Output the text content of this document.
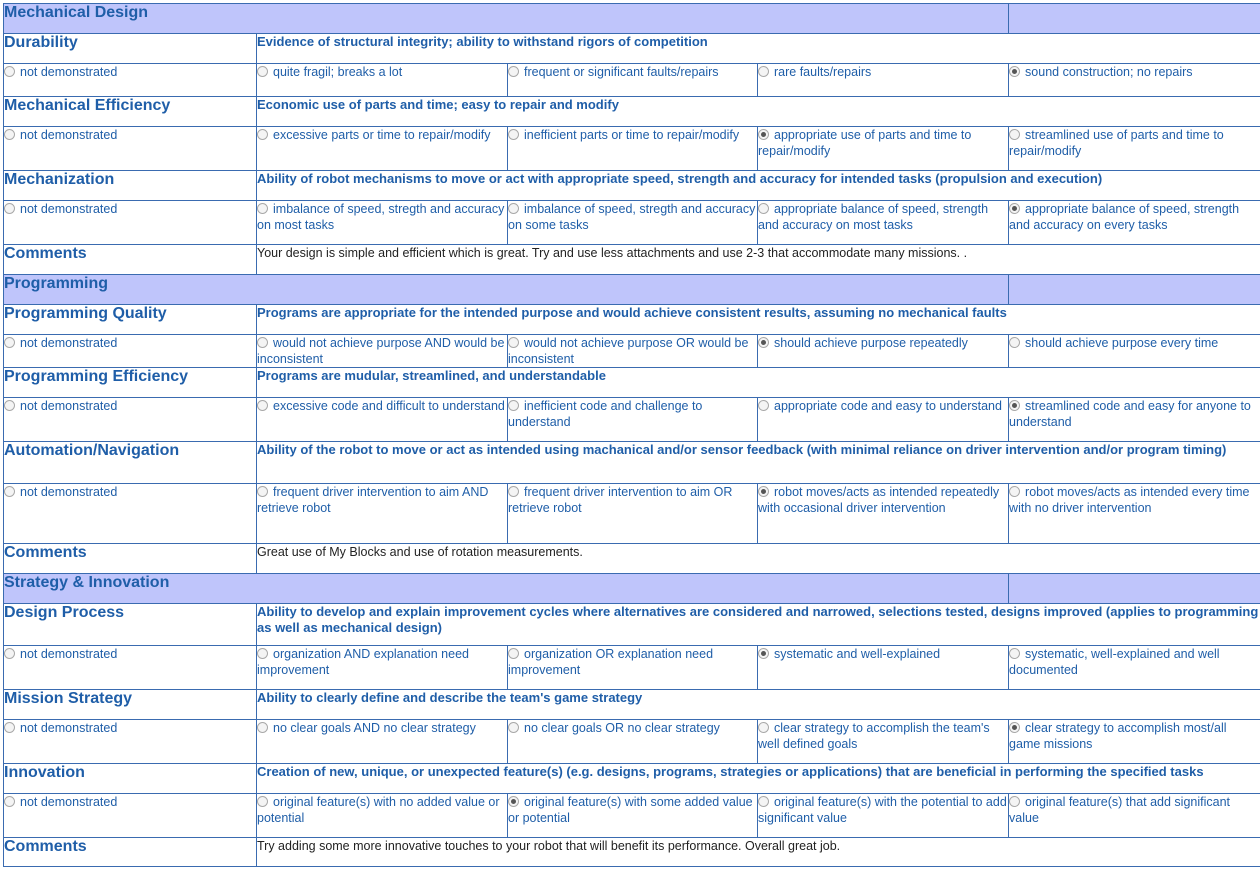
Mechanical Design				
Durability	Evidence of structural integrity; ability to withstand rigors of competition			
not demonstrated	quite fragil; breaks a lot	frequent or significant faults/repairs	rare faults/repairs	sound construction; no repairs
Mechanical Efficiency	Economic use of parts and time; easy to repair and modify			
not demonstrated	excessive parts or time to repair/modify	inefficient parts or time to repair/modify	appropriate use of parts and time to repair/modify	streamlined use of parts and time to repair/modify
Mechanization	Ability of robot mechanisms to move or act with appropriate speed, strength and accuracy for intended tasks (propulsion and execution)			
not demonstrated	imbalance of speed, stregth and accuracy on most tasks	imbalance of speed, stregth and accuracy on some tasks	appropriate balance of speed, strength and accuracy on most tasks	appropriate balance of speed, strength and accuracy on every tasks
Comments	Your design is simple and efficient which is great. Try and use less attachments and use 2-3 that accommodate many missions. .			
Programming				
Programming Quality	Programs are appropriate for the intended purpose and would achieve consistent results, assuming no mechanical faults			
not demonstrated	would not achieve purpose AND would be inconsistent	would not achieve purpose OR would be inconsistent	should achieve purpose repeatedly	should achieve purpose every time
Programming Efficiency	Programs are mudular, streamlined, and understandable			
not demonstrated	excessive code and difficult to understand	inefficient code and challenge to understand	appropriate code and easy to understand	streamlined code and easy for anyone to understand
Automation/Navigation	Ability of the robot to move or act as intended using machanical and/or sensor feedback (with minimal reliance on driver intervention and/or program timing)			
not demonstrated	frequent driver intervention to aim AND retrieve robot	frequent driver intervention to aim OR retrieve robot	robot moves/acts as intended repeatedly with occasional driver intervention	robot moves/acts as intended every time with no driver intervention
Comments	Great use of My Blocks and use of rotation measurements.			
Strategy & Innovation				
Design Process	Ability to develop and explain improvement cycles where alternatives are considered and narrowed, selections tested, designs improved (applies to programming as well as mechanical design)			
not demonstrated	organization AND explanation need improvement	organization OR explanation need improvement	systematic and well-explained	systematic, well-explained and well documented
Mission Strategy	Ability to clearly define and describe the team's game strategy			
not demonstrated	no clear goals AND no clear strategy	no clear goals OR no clear strategy	clear strategy to accomplish the team's well defined goals	clear strategy to accomplish most/all game missions
Innovation	Creation of new, unique, or unexpected feature(s) (e.g. designs, programs, strategies or applications) that are beneficial in performing the specified tasks			
not demonstrated	original feature(s) with no added value or potential	original feature(s) with some added value or potential	original feature(s) with the potential to add significant value	original feature(s) that add significant value
Comments	Try adding some more innovative touches to your robot that will benefit its performance. Overall great job.			
